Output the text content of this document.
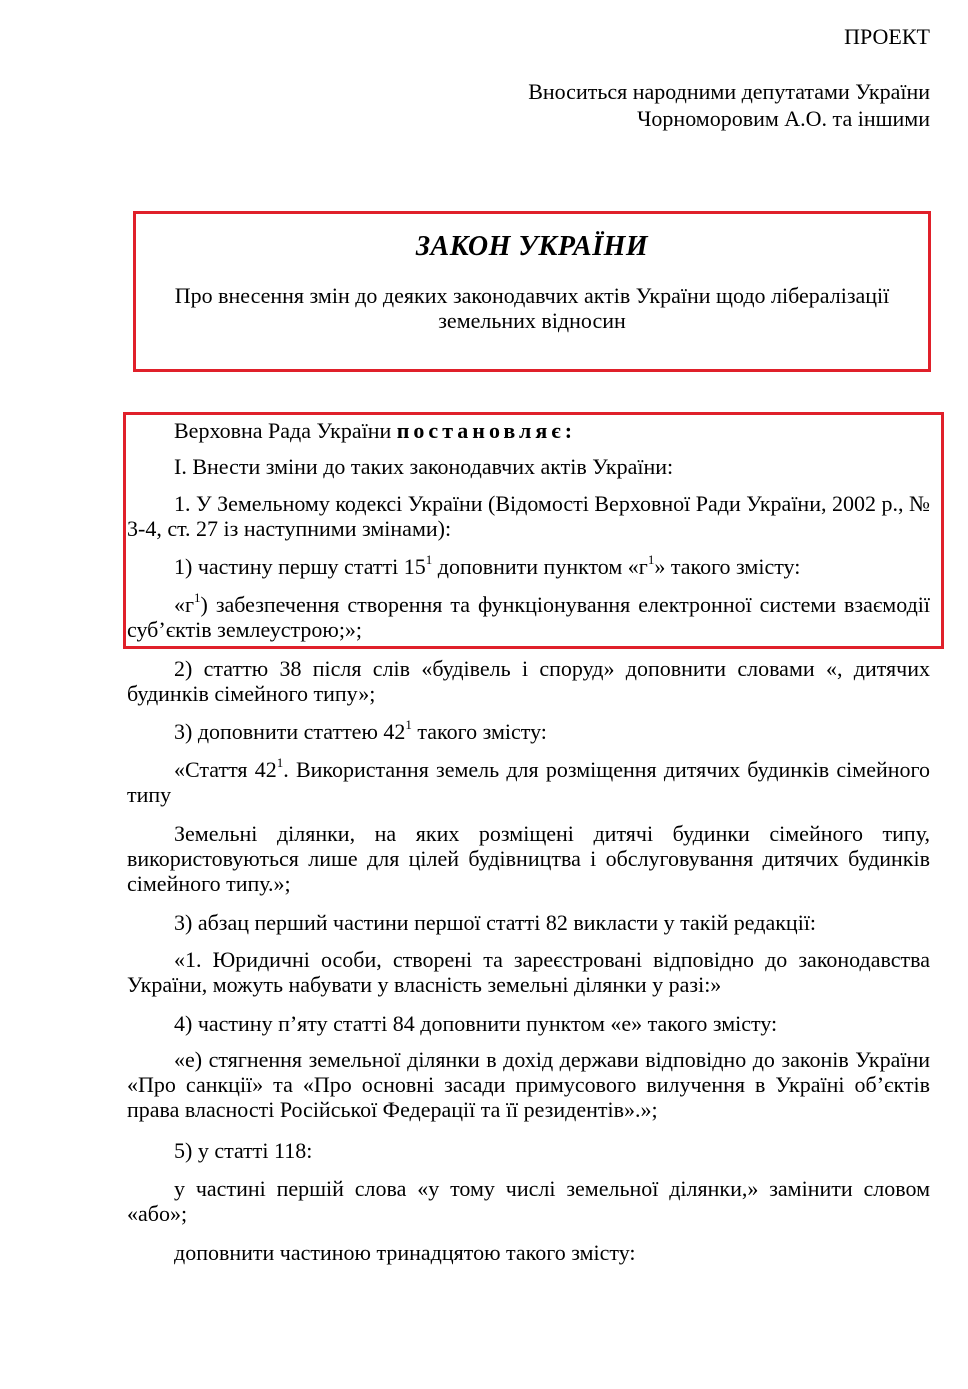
ПРОЕКТ
Вноситься народними депутатами України
Чорноморовим А.О. та іншими
ЗАКОН УКРАЇНИ
Про внесення змін до деяких законодавчих актів України щодо лібералізації земельних відносин
Верховна Рада України постановляє:
І. Внести зміни до таких законодавчих актів України:
1. У Земельному кодексі України (Відомості Верховної Ради України, 2002 р., № 3-4, ст. 27 із наступними змінами):
1) частину першу статті $15^1$ доповнити пунктом «$г^1$» такого змісту:
«$г^1$) забезпечення створення та функціонування електронної системи взаємодії суб’єктів землеустрою;»;
2) статтю 38 після слів «будівель і споруд» доповнити словами «, дитячих будинків сімейного типу»;
3) доповнити статтею $42^1$ такого змісту:
«Стаття $42^1$. Використання земель для розміщення дитячих будинків сімейного типу
Земельні ділянки, на яких розміщені дитячі будинки сімейного типу, використовуються лише для цілей будівництва і обслуговування дитячих будинків сімейного типу.»;
3) абзац перший частини першої статті 82 викласти у такій редакції:
«1. Юридичні особи, створені та зареєстровані відповідно до законодавства України, можуть набувати у власність земельні ділянки у разі:»
4) частину п’яту статті 84 доповнити пунктом «е» такого змісту:
«е) стягнення земельної ділянки в дохід держави відповідно до законів України «Про санкції» та «Про основні засади примусового вилучення в Україні об’єктів права власності Російської Федерації та її резидентів».»;
5) у статті 118:
у частині першій слова «у тому числі земельної ділянки,» замінити словом «або»;
доповнити частиною тринадцятою такого змісту:
